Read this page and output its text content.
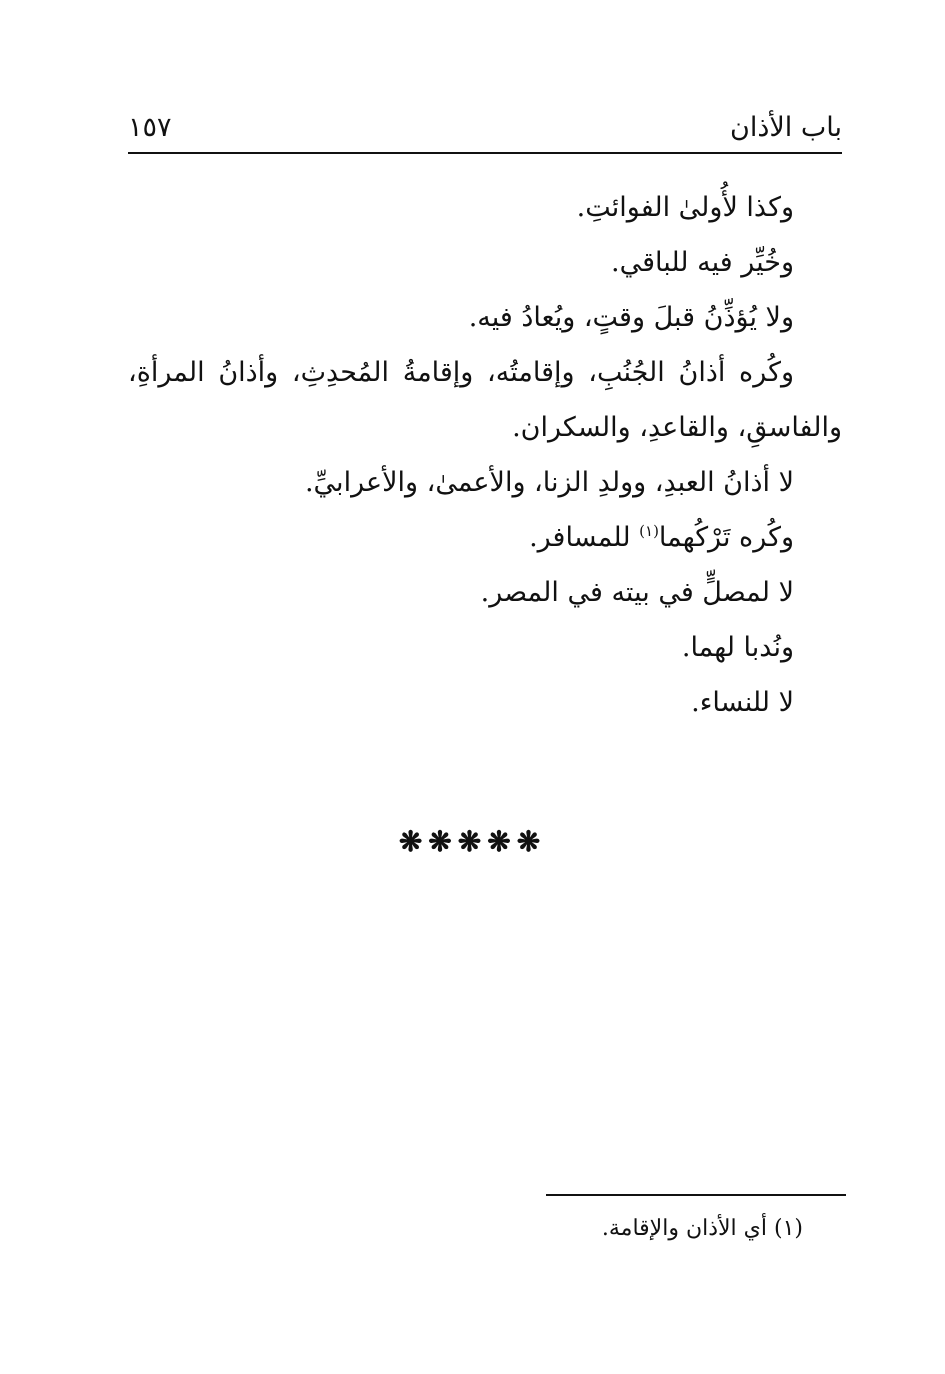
باب الأذان
١٥٧

وكذا لأُولىٰ الفوائتِ.

وخُيِّر فيه للباقي.

ولا يُؤذِّنُ قبلَ وقتٍ، ويُعادُ فيه.

وكُره أذانُ الجُنُبِ، وإقامتُه، وإقامةُ المُحدِثِ، وأذانُ المرأةِ، والفاسقِ، والقاعدِ، والسكران.

لا أذانُ العبدِ، وولدِ الزنا، والأعمىٰ، والأعرابيِّ.

وكُره تَرْكُهما$^{(١)}$ للمسافر.

لا لمصلٍّ في بيته في المصر.

ونُدبا لهما.

لا للنساء.

❋❋❋❋❋
(١) أي الأذان والإقامة.
